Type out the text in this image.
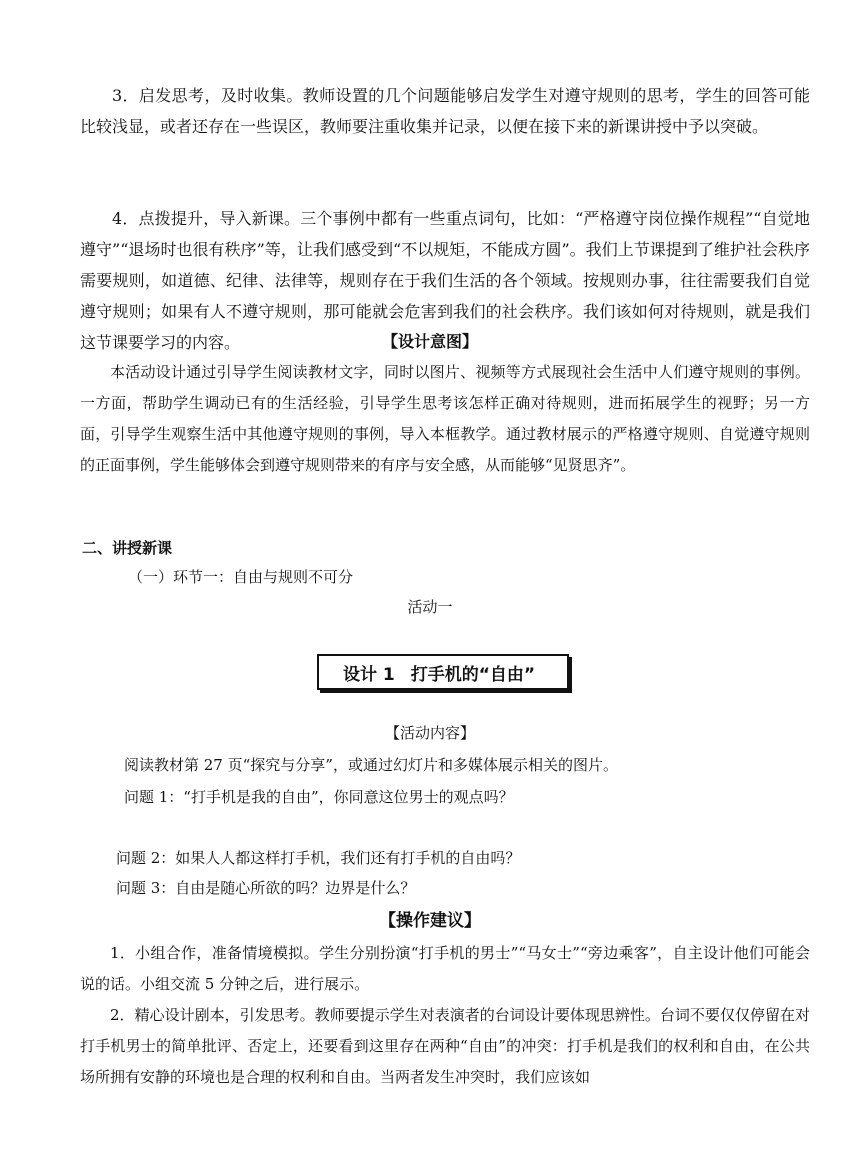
3．启发思考，及时收集。教师设置的几个问题能够启发学生对遵守规则的思考，学生的回答可能比较浅显，或者还存在一些误区，教师要注重收集并记录，以便在接下来的新课讲授中予以突破。

4．点拨提升，导入新课。三个事例中都有一些重点词句，比如：“严格遵守岗位操作规程”“自觉地遵守”“退场时也很有秩序”等，让我们感受到“不以规矩，不能成方圆”。我们上节课提到了维护社会秩序需要规则，如道德、纪律、法律等，规则存在于我们生活的各个领域。按规则办事，往往需要我们自觉遵守规则；如果有人不遵守规则，那可能就会危害到我们的社会秩序。我们该如何对待规则，就是我们这节课要学习的内容。	【设计意图】

本活动设计通过引导学生阅读教材文字，同时以图片、视频等方式展现社会生活中人们遵守规则的事例。一方面，帮助学生调动已有的生活经验，引导学生思考该怎样正确对待规则，进而拓展学生的视野；另一方面，引导学生观察生活中其他遵守规则的事例，导入本框教学。通过教材展示的严格遵守规则、自觉遵守规则的正面事例，学生能够体会到遵守规则带来的有序与安全感，从而能够“见贤思齐”。

二、讲授新课

（一）环节一：自由与规则不可分

活动一

设计 1 打手机的“自由”

【活动内容】

阅读教材第 27 页“探究与分享”，或通过幻灯片和多媒体展示相关的图片。

问题 1：“打手机是我的自由”，你同意这位男士的观点吗？

问题 2：如果人人都这样打手机，我们还有打手机的自由吗？

问题 3：自由是随心所欲的吗？边界是什么？

【操作建议】

1．小组合作，准备情境模拟。学生分别扮演“打手机的男士”“马女士”“旁边乘客”，自主设计他们可能会说的话。小组交流 5 分钟之后，进行展示。

2．精心设计剧本，引发思考。教师要提示学生对表演者的台词设计要体现思辨性。台词不要仅仅停留在对打手机男士的简单批评、否定上，还要看到这里存在两种“自由”的冲突：打手机是我们的权利和自由，在公共场所拥有安静的环境也是合理的权利和自由。当两者发生冲突时，我们应该如
